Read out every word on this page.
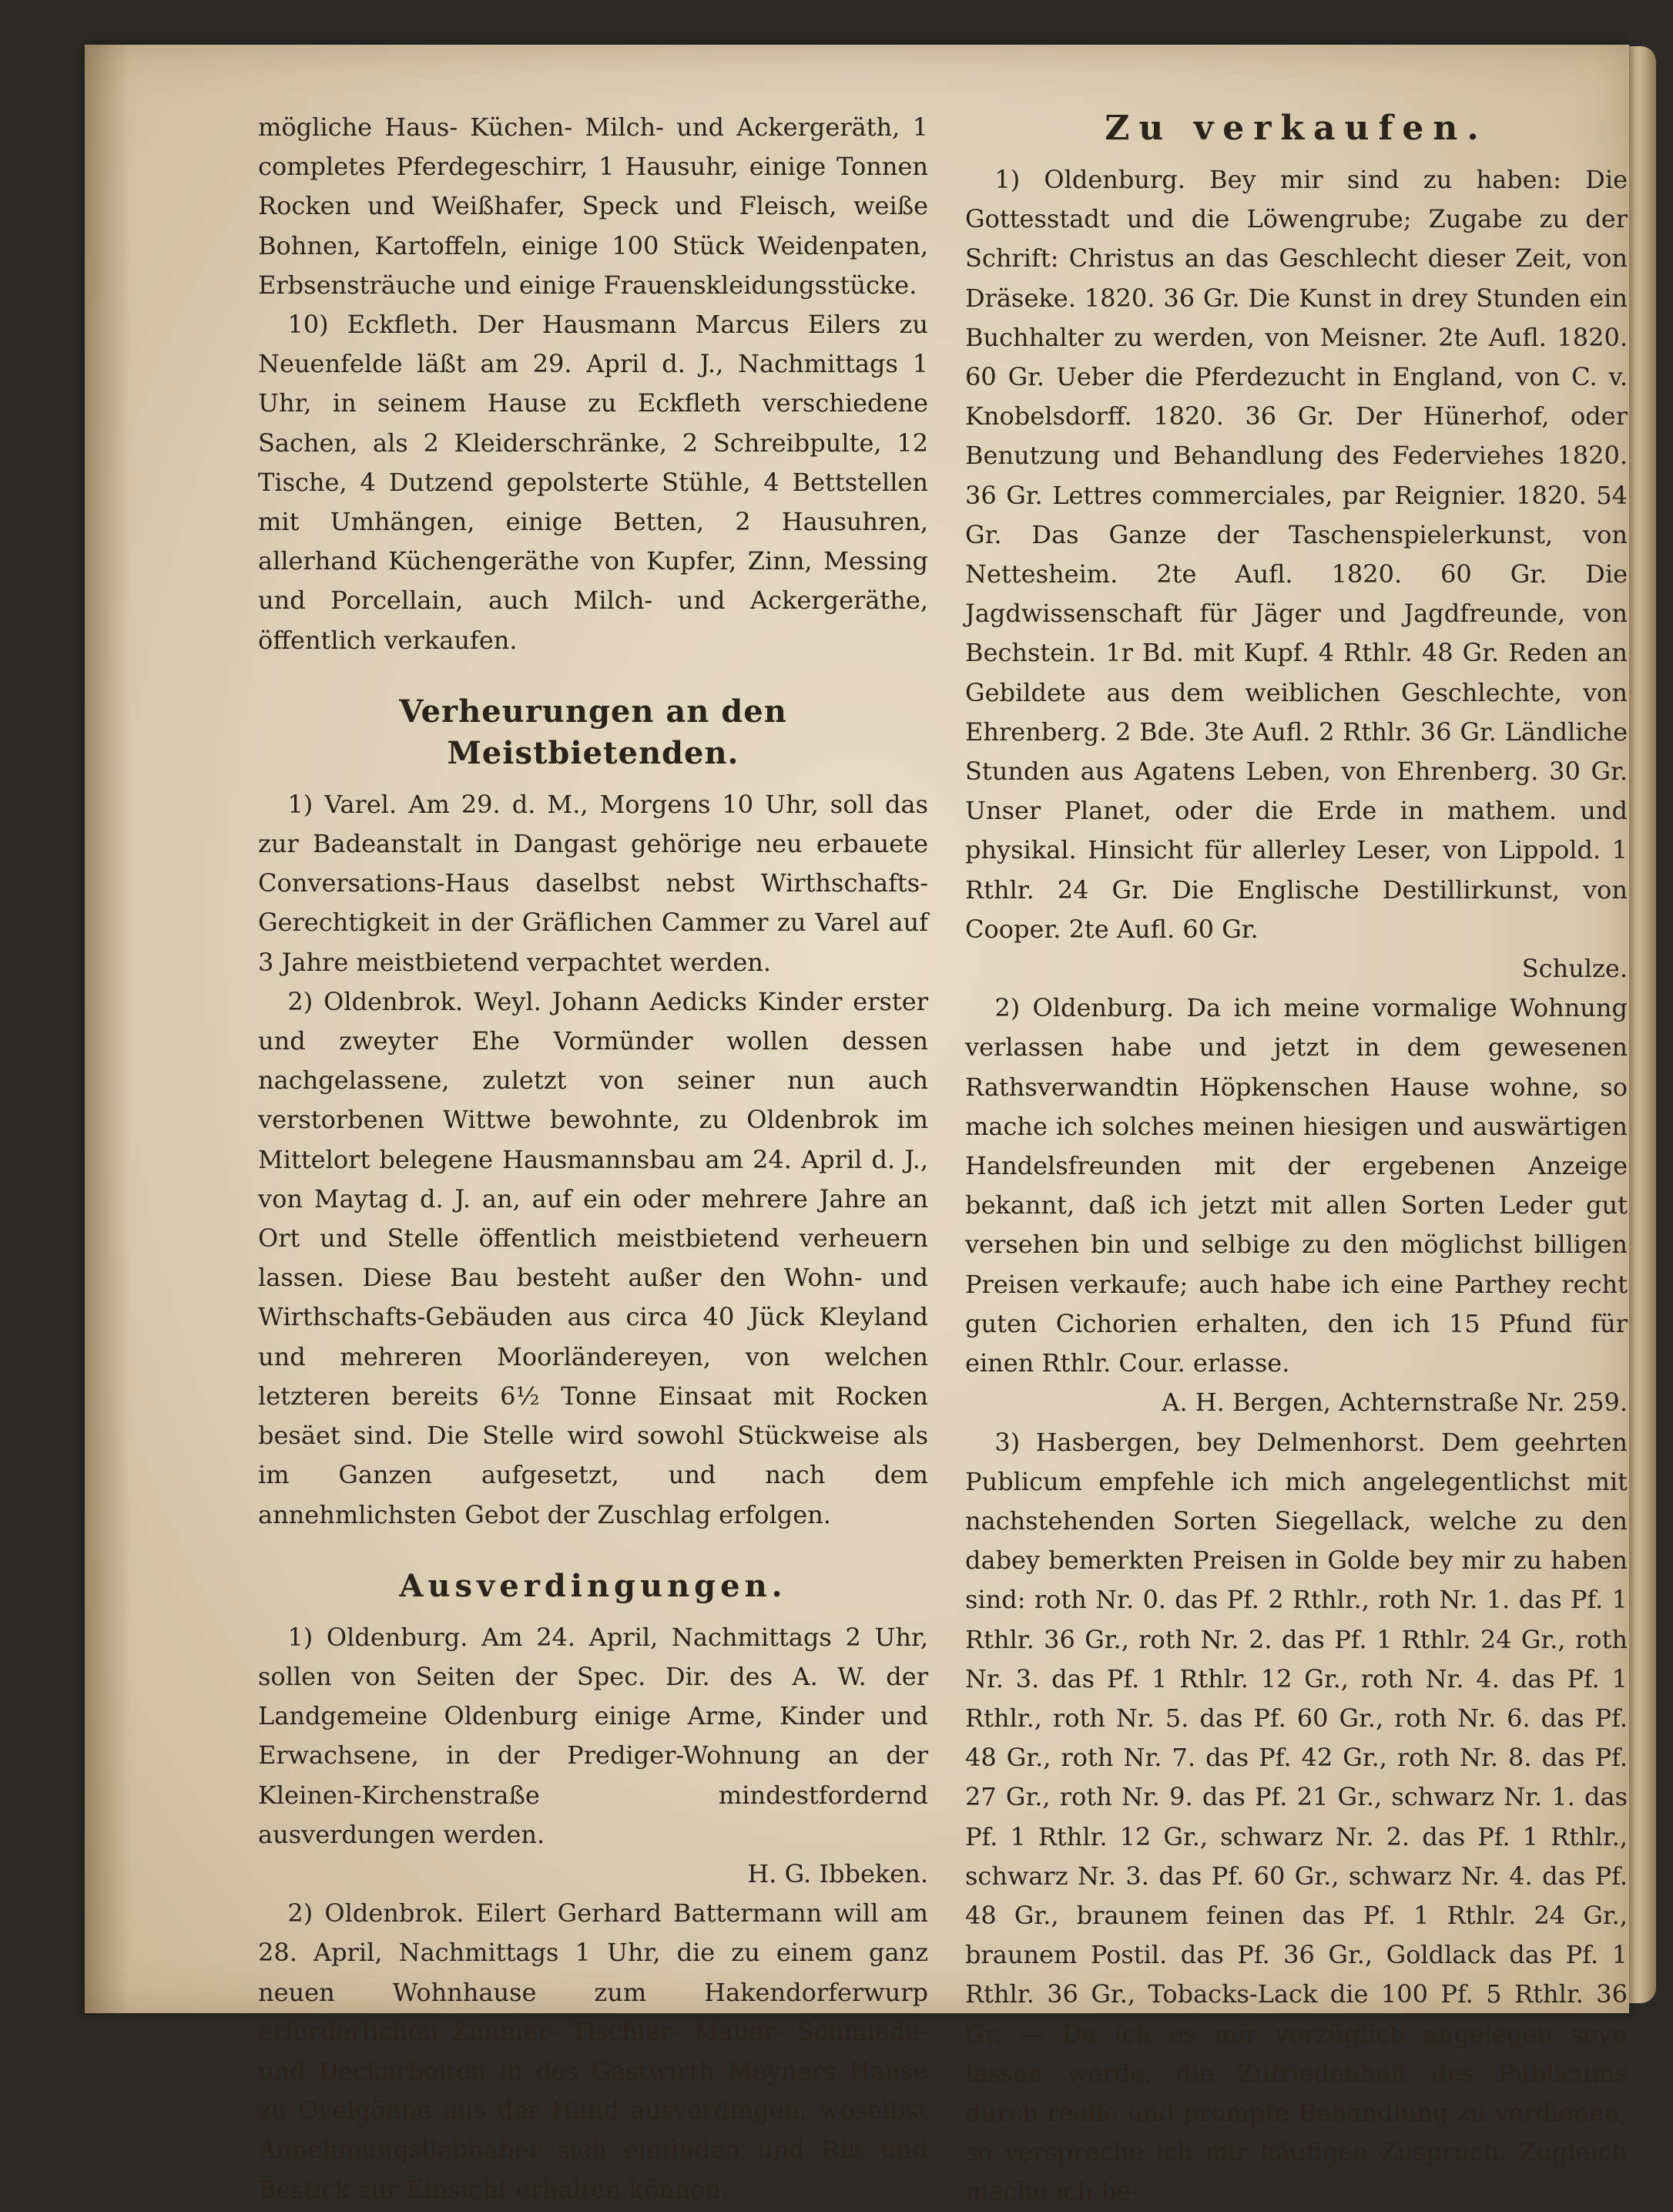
mögliche Haus- Küchen- Milch- und Ackergeräth, 1 completes Pferdegeschirr, 1 Hausuhr, einige Tonnen Rocken und Weißhafer, Speck und Fleisch, weiße Bohnen, Kartoffeln, einige 100 Stück Weidenpaten, Erbsensträuche und einige Frauenskleidungsstücke.

10) Eckfleth. Der Hausmann Marcus Eilers zu Neuenfelde läßt am 29. April d. J., Nachmittags 1 Uhr, in seinem Hause zu Eckfleth verschiedene Sachen, als 2 Kleiderschränke, 2 Schreibpulte, 12 Tische, 4 Dutzend gepolsterte Stühle, 4 Bettstellen mit Umhängen, einige Betten, 2 Hausuhren, allerhand Küchengeräthe von Kupfer, Zinn, Messing und Porcellain, auch Milch- und Ackergeräthe, öffentlich verkaufen.

Verheurungen an den Meistbietenden.

1) Varel. Am 29. d. M., Morgens 10 Uhr, soll das zur Badeanstalt in Dangast gehörige neu erbauete Conversations-Haus daselbst nebst Wirthschafts-Gerechtigkeit in der Gräflichen Cammer zu Varel auf 3 Jahre meistbietend verpachtet werden.

2) Oldenbrok. Weyl. Johann Aedicks Kinder erster und zweyter Ehe Vormünder wollen dessen nachgelassene, zuletzt von seiner nun auch verstorbenen Wittwe bewohnte, zu Oldenbrok im Mittelort belegene Hausmannsbau am 24. April d. J., von Maytag d. J. an, auf ein oder mehrere Jahre an Ort und Stelle öffentlich meistbietend verheuern lassen. Diese Bau besteht außer den Wohn- und Wirthschafts-Gebäuden aus circa 40 Jück Kleyland und mehreren Moorländereyen, von welchen letzteren bereits 6½ Tonne Einsaat mit Rocken besäet sind. Die Stelle wird sowohl Stückweise als im Ganzen aufgesetzt, und nach dem annehmlichsten Gebot der Zuschlag erfolgen.

Ausverdingungen.

1) Oldenburg. Am 24. April, Nachmittags 2 Uhr, sollen von Seiten der Spec. Dir. des A. W. der Landgemeine Oldenburg einige Arme, Kinder und Erwachsene, in der Prediger-Wohnung an der Kleinen-Kirchenstraße mindestfordernd ausverdungen werden.

H. G. Ibbeken.

2) Oldenbrok. Eilert Gerhard Battermann will am 28. April, Nachmittags 1 Uhr, die zu einem ganz neuen Wohnhause zum Hakendorferwurp erforderlichen Zimmer- Tischler- Mauer- Schmiede- und Deckarbeiten in des Gastwirth Meyners Hause zu Ovelgönne aus der Hand ausverdingen, woselbst Annehmungsliebhaber sich einfinden und Riß und Bestick zur Einsicht erhalten können.

Zu verkaufen.

1) Oldenburg. Bey mir sind zu haben: Die Gottesstadt und die Löwengrube; Zugabe zu der Schrift: Christus an das Geschlecht dieser Zeit, von Dräseke. 1820. 36 Gr. Die Kunst in drey Stunden ein Buchhalter zu werden, von Meisner. 2te Aufl. 1820. 60 Gr. Ueber die Pferdezucht in England, von C. v. Knobelsdorff. 1820. 36 Gr. Der Hünerhof, oder Benutzung und Behandlung des Federviehes 1820. 36 Gr. Lettres commerciales, par Reignier. 1820. 54 Gr. Das Ganze der Taschenspielerkunst, von Nettesheim. 2te Aufl. 1820. 60 Gr. Die Jagdwissenschaft für Jäger und Jagdfreunde, von Bechstein. 1r Bd. mit Kupf. 4 Rthlr. 48 Gr. Reden an Gebildete aus dem weiblichen Geschlechte, von Ehrenberg. 2 Bde. 3te Aufl. 2 Rthlr. 36 Gr. Ländliche Stunden aus Agatens Leben, von Ehrenberg. 30 Gr. Unser Planet, oder die Erde in mathem. und physikal. Hinsicht für allerley Leser, von Lippold. 1 Rthlr. 24 Gr. Die Englische Destillirkunst, von Cooper. 2te Aufl. 60 Gr.

Schulze.

2) Oldenburg. Da ich meine vormalige Wohnung verlassen habe und jetzt in dem gewesenen Rathsverwandtin Höpkenschen Hause wohne, so mache ich solches meinen hiesigen und auswärtigen Handelsfreunden mit der ergebenen Anzeige bekannt, daß ich jetzt mit allen Sorten Leder gut versehen bin und selbige zu den möglichst billigen Preisen verkaufe; auch habe ich eine Parthey recht guten Cichorien erhalten, den ich 15 Pfund für einen Rthlr. Cour. erlasse.

A. H. Bergen, Achternstraße Nr. 259.

3) Hasbergen, bey Delmenhorst. Dem geehrten Publicum empfehle ich mich angelegentlichst mit nachstehenden Sorten Siegellack, welche zu den dabey bemerkten Preisen in Golde bey mir zu haben sind: roth Nr. 0. das Pf. 2 Rthlr., roth Nr. 1. das Pf. 1 Rthlr. 36 Gr., roth Nr. 2. das Pf. 1 Rthlr. 24 Gr., roth Nr. 3. das Pf. 1 Rthlr. 12 Gr., roth Nr. 4. das Pf. 1 Rthlr., roth Nr. 5. das Pf. 60 Gr., roth Nr. 6. das Pf. 48 Gr., roth Nr. 7. das Pf. 42 Gr., roth Nr. 8. das Pf. 27 Gr., roth Nr. 9. das Pf. 21 Gr., schwarz Nr. 1. das Pf. 1 Rthlr. 12 Gr., schwarz Nr. 2. das Pf. 1 Rthlr., schwarz Nr. 3. das Pf. 60 Gr., schwarz Nr. 4. das Pf. 48 Gr., braunem feinen das Pf. 1 Rthlr. 24 Gr., braunem Postil. das Pf. 36 Gr., Goldlack das Pf. 1 Rthlr. 36 Gr., Tobacks-Lack die 100 Pf. 5 Rthlr. 36 Gr. — Da ich es mir vorzüglich angelegen seyn lassen werde, die Zufriedenheit des Publicums durch reelle und prompte Behandlung zu verdienen, so verspreche ich mir häufigen Zuspruch. Zugleich mache ich be-
